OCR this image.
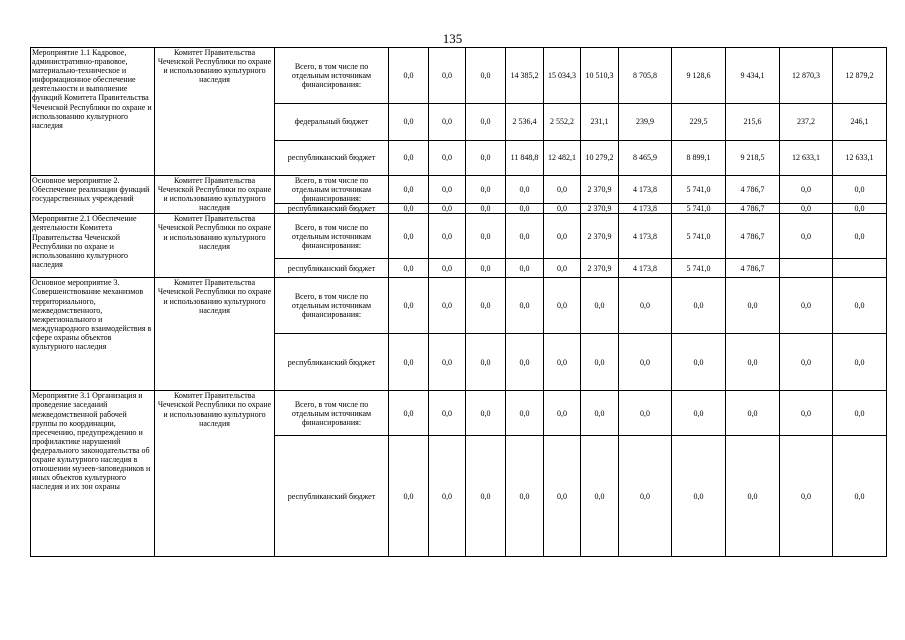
135
Мероприятие 1.1 Кадровое, административно-правовое, материально-техническое и информационное обеспечение деятельности и выполнение функций Комитета Правительства Чеченской Республики по охране и использованию культурного наследия	Комитет Правительства Чеченской Республики по охране и использованию культурного наследия	Всего, в том числе по отдельным источникам финансирования:	0,0	0,0	0,0	14 385,2	15 034,3	10 510,3	8 705,8	9 128,6	9 434,1	12 870,3	12 879,2
		федеральный бюджет	0,0	0,0	0,0	2 536,4	2 552,2	231,1	239,9	229,5	215,6	237,2	246,1
		республиканский бюджет	0,0	0,0	0,0	11 848,8	12 482,1	10 279,2	8 465,9	8 899,1	9 218,5	12 633,1	12 633,1
Основное мероприятие 2. Обеспечение реализации функций государственных учреждений	Комитет Правительства Чеченской Республики по охране и использованию культурного наследия	Всего, в том числе по отдельным источникам финансирования:	0,0	0,0	0,0	0,0	0,0	2 370,9	4 173,8	5 741,0	4 786,7	0,0	0,0
		республиканский бюджет	0,0	0,0	0,0	0,0	0,0	2 370,9	4 173,8	5 741,0	4 786,7	0,0	0,0
Мероприятие 2.1 Обеспечение деятельности Комитета Правительства Чеченской Республики по охране и использованию культурного наследия	Комитет Правительства Чеченской Республики по охране и использованию культурного наследия	Всего, в том числе по отдельным источникам финансирования:	0,0	0,0	0,0	0,0	0,0	2 370,9	4 173,8	5 741,0	4 786,7	0,0	0,0
		республиканский бюджет	0,0	0,0	0,0	0,0	0,0	2 370,9	4 173,8	5 741,0	4 786,7		
Основное мероприятие 3. Совершенствование механизмов территориального, межведомственного, межрегионального и международного взаимодействия в сфере охраны объектов культурного наследия	Комитет Правительства Чеченской Республики по охране и использованию культурного наследия	Всего, в том числе по отдельным источникам финансирования:	0,0	0,0	0,0	0,0	0,0	0,0	0,0	0,0	0,0	0,0	0,0
		республиканский бюджет	0,0	0,0	0,0	0,0	0,0	0,0	0,0	0,0	0,0	0,0	0,0
Мероприятие 3.1 Организация и проведение заседаний межведомственной рабочей группы по координации, пресечению, предупреждению и профилактике нарушений федерального законодательства об охране культурного наследия в отношении музеев-заповедников и иных объектов культурного наследия и их зон охраны	Комитет Правительства Чеченской Республики по охране и использованию культурного наследия	Всего, в том числе по отдельным источникам финансирования:	0,0	0,0	0,0	0,0	0,0	0,0	0,0	0,0	0,0	0,0	0,0
		республиканский бюджет	0,0	0,0	0,0	0,0	0,0	0,0	0,0	0,0	0,0	0,0	0,0
